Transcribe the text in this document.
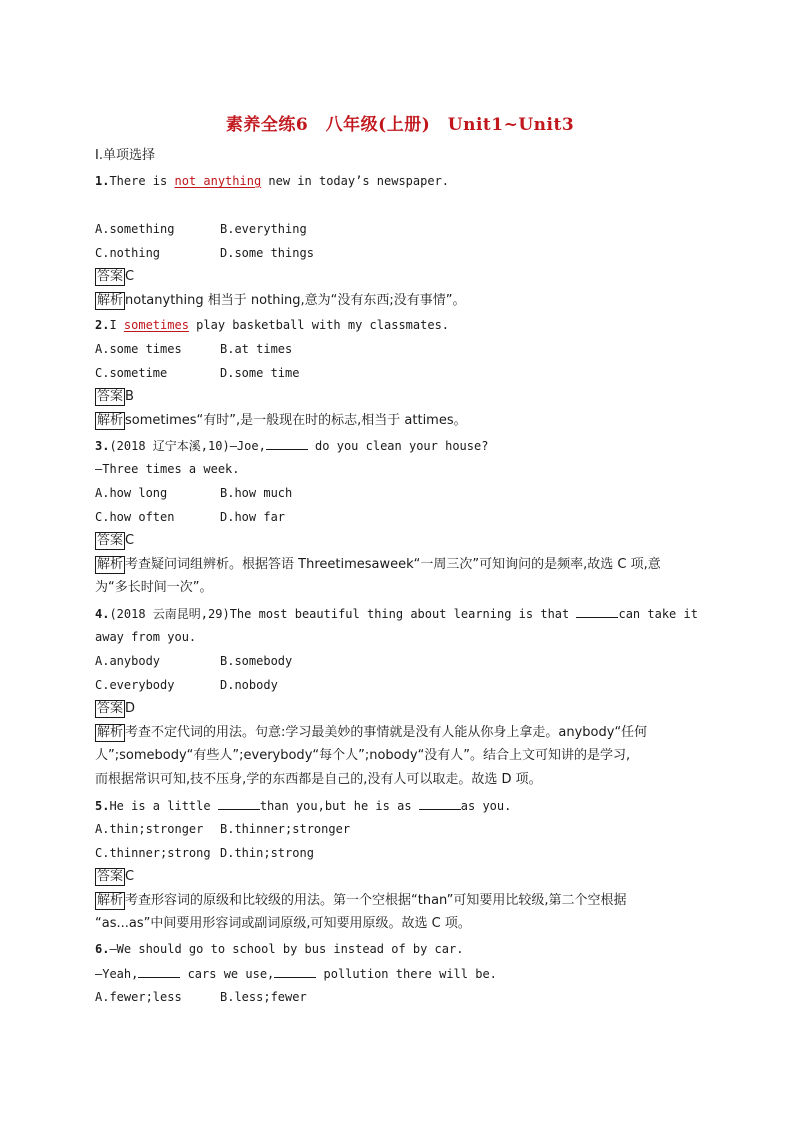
素养全练6　八年级(上册)　Unit1~Unit3
Ⅰ.单项选择
1.There is not anything new in today’s newspaper.
A.something	B.everything
C.nothing	D.some things
答案 C
解析 notanything 相当于 nothing,意为“没有东西;没有事情”。
2.I sometimes play basketball with my classmates.
A.some times	B.at times
C.sometime	D.some time
答案 B
解析 sometimes“有时”,是一般现在时的标志,相当于 attimes。
3.(2018 辽宁本溪,10)—Joe,	do you clean your house?
—Three times a week.
A.how long	B.how much
C.how often	D.how far
答案 C
解析 考查疑问词组辨析。根据答语 Threetimesaweek“一周三次”可知询问的是频率,故选 C 项,意
为“多长时间一次”。
4.(2018 云南昆明,29)The most beautiful thing about learning is that	can take it
away from you.
A.anybody	B.somebody
C.everybody	D.nobody
答案 D
解析 考查不定代词的用法。句意:学习最美妙的事情就是没有人能从你身上拿走。anybody“任何
人”;somebody“有些人”;everybody“每个人”;nobody“没有人”。结合上文可知讲的是学习,
而根据常识可知,技不压身,学的东西都是自己的,没有人可以取走。故选 D 项。
5.He is a little	than you,but he is as	as you.
A.thin;stronger B.thinner;stronger
C.thinner;strong D.thin;strong
答案 C
解析 考查形容词的原级和比较级的用法。第一个空根据“than”可知要用比较级,第二个空根据
“as...as”中间要用形容词或副词原级,可知要用原级。故选 C 项。
6.—We should go to school by bus instead of by car.
—Yeah,	cars we use,	pollution there will be.
A.fewer;less	B.less;fewer
